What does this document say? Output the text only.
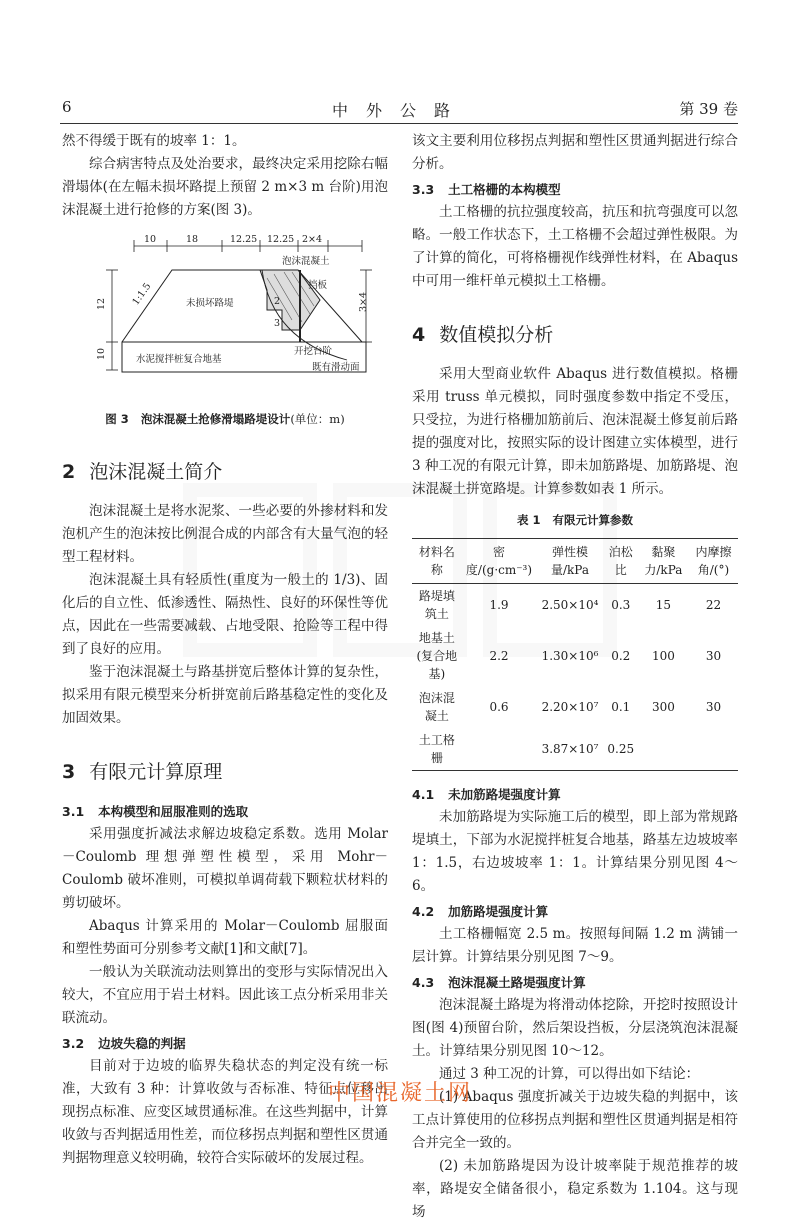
6	中外公路	第 39 卷

然不得缓于既有的坡率 1：1。

综合病害特点及处治要求，最终决定采用挖除右幅滑塌体(在左幅未损坏路提上预留 2 m×3 m 台阶)用泡沫混凝土进行抢修的方案(图 3)。

10	18	12.25 12.25 2×4
12
10
3×4
泡沫混凝土
挡板
未损坏路堤
1:1.5
水泥搅拌桩复合地基
开挖台阶
既有滑动面
2
3
图 3 泡沫混凝土抢修滑塌路堤设计(单位：m)
2 泡沫混凝土简介

泡沫混凝土是将水泥浆、一些必要的外掺材料和发泡机产生的泡沫按比例混合成的内部含有大量气泡的轻型工程材料。

泡沫混凝土具有轻质性(重度为一般土的 1/3)、固化后的自立性、低渗透性、隔热性、良好的环保性等优点，因此在一些需要减载、占地受限、抢险等工程中得到了良好的应用。

鉴于泡沫混凝土与路基拼宽后整体计算的复杂性，拟采用有限元模型来分析拼宽前后路基稳定性的变化及加固效果。

3 有限元计算原理
3.1 本构模型和屈服准则的选取

采用强度折减法求解边坡稳定系数。选用 Molar－Coulomb 理想弹塑性模型，采用 Mohr－Coulomb 破坏准则，可模拟单调荷载下颗粒状材料的剪切破坏。

Abaqus 计算采用的 Molar－Coulomb 屈服面和塑性势面可分别参考文献[1]和文献[7]。

一般认为关联流动法则算出的变形与实际情况出入较大，不宜应用于岩土材料。因此该工点分析采用非关联流动。

3.2 边坡失稳的判据

目前对于边坡的临界失稳状态的判定没有统一标准，大致有 3 种：计算收敛与否标准、特征点位移出现拐点标准、应变区域贯通标准。在这些判据中，计算收敛与否判据适用性差，而位移拐点判据和塑性区贯通判据物理意义较明确，较符合实际破坏的发展过程。

该文主要利用位移拐点判据和塑性区贯通判据进行综合分析。

3.3 土工格栅的本构模型

土工格栅的抗拉强度较高，抗压和抗弯强度可以忽略。一般工作状态下，土工格栅不会超过弹性极限。为了计算的简化，可将格栅视作线弹性材料，在 Abaqus 中可用一维杆单元模拟土工格栅。

4 数值模拟分析

采用大型商业软件 Abaqus 进行数值模拟。格栅采用 truss 单元模拟，同时强度参数中指定不受压，只受拉，为进行格栅加筋前后、泡沫混凝土修复前后路提的强度对比，按照实际的设计图建立实体模型，进行 3 种工况的有限元计算，即未加筋路堤、加筋路堤、泡沫混凝土拼宽路堤。计算参数如表 1 所示。

表 1 有限元计算参数
材料名称	密度/(g·cm⁻³)	弹性模量/kPa	泊松比	黏聚力/kPa	内摩擦角/(°)
路堤填筑土	1.9	2.50×10⁴	0.3	15	22
地基土(复合地基)	2.2	1.30×10⁶	0.2	100	30
泡沫混凝土	0.6	2.20×10⁷	0.1	300	30
土工格栅		3.87×10⁷	0.25		
4.1 未加筋路堤强度计算

未加筋路堤为实际施工后的模型，即上部为常规路堤填土，下部为水泥搅拌桩复合地基，路基左边坡坡率 1：1.5，右边坡坡率 1：1。计算结果分别见图 4～6。

4.2 加筋路堤强度计算

土工格栅幅宽 2.5 m。按照每间隔 1.2 m 满铺一层计算。计算结果分别见图 7～9。

4.3 泡沫混凝土路堤强度计算

泡沫混凝土路堤为将滑动体挖除，开挖时按照设计图(图 4)预留台阶，然后架设挡板，分层浇筑泡沫混凝土。计算结果分别见图 10～12。

通过 3 种工况的计算，可以得出如下结论：

(1) Abaqus 强度折减关于边坡失稳的判据中，该工点计算使用的位移拐点判据和塑性区贯通判据是相符合并完全一致的。

(2) 未加筋路堤因为设计坡率陡于规范推荐的坡率，路堤安全储备很小，稳定系数为 1.104。这与现场

中国混凝土网
